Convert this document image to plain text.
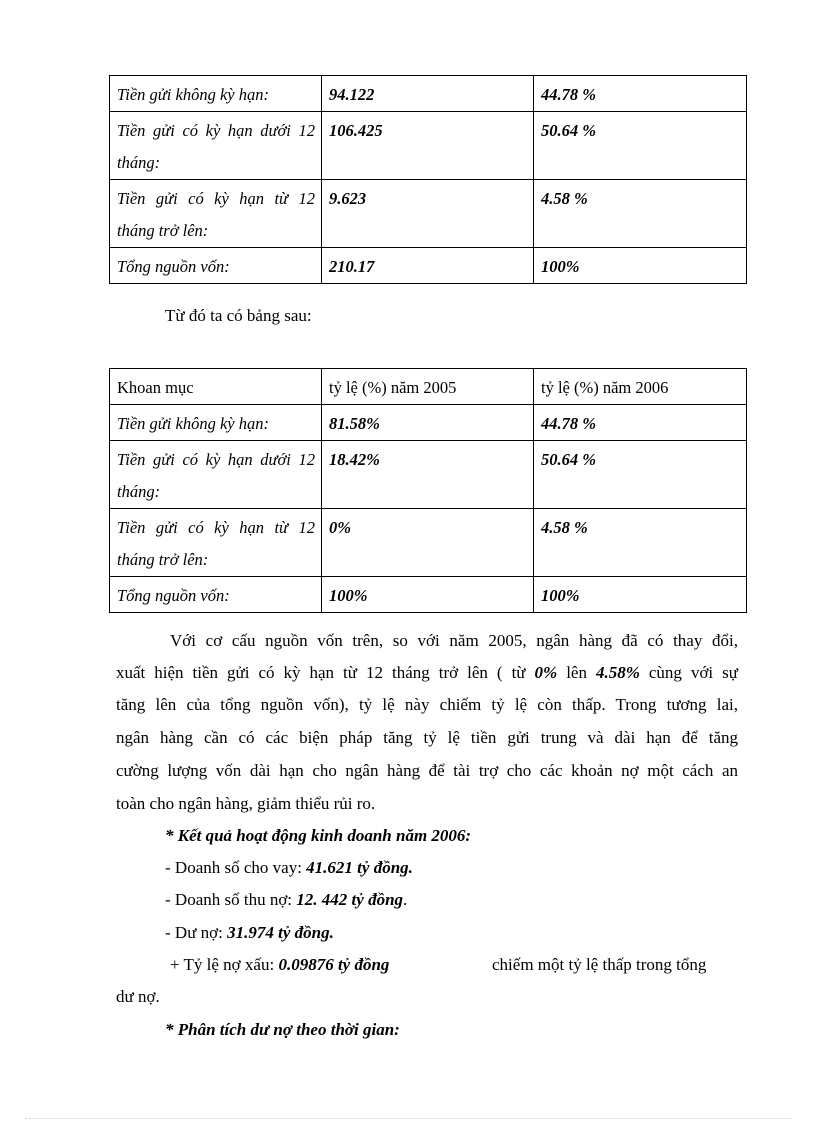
Tiền gửi không kỳ hạn:	94.122	44.78 %
Tiền gửi có kỳ hạn dưới 12 tháng:	106.425	50.64 %
Tiền gửi có kỳ hạn từ 12 tháng trở lên:	9.623	4.58 %
Tổng nguồn vốn:	210.17	100%
Từ đó ta có bảng sau:
Khoan mục	tỷ lệ (%) năm 2005	tỷ lệ (%) năm 2006
Tiền gửi không kỳ hạn:	81.58%	44.78 %
Tiền gửi có kỳ hạn dưới 12 tháng:	18.42%	50.64 %
Tiền gửi có kỳ hạn từ 12 tháng trở lên:	0%	4.58 %
Tổng nguồn vốn:	100%	100%
Với cơ cấu nguồn vốn trên, so với năm 2005, ngân hàng đã có thay đổi,
xuất hiện tiền gửi có kỳ hạn từ 12 tháng trở lên ( từ 0% lên 4.58% cùng với sự
tăng lên của tổng nguồn vốn), tỷ lệ này chiếm tỷ lệ còn thấp. Trong tương lai,
ngân hàng cần có các biện pháp tăng tỷ lệ tiền gửi trung và dài hạn để tăng
cường lượng vốn dài hạn cho ngân hàng để tài trợ cho các khoản nợ một cách an
toàn cho ngân hàng, giảm thiểu rủi ro.
* Kết quả hoạt động kinh doanh năm 2006:
- Doanh số cho vay: 41.621 tỷ đồng.
- Doanh số thu nợ: 12. 442 tỷ đồng.
- Dư nợ: 31.974 tỷ đồng.
+ Tỷ lệ nợ xấu: 0.09876 tỷ đồng	chiếm một tỷ lệ thấp trong tổng
dư nợ.
* Phân tích dư nợ theo thời gian:
